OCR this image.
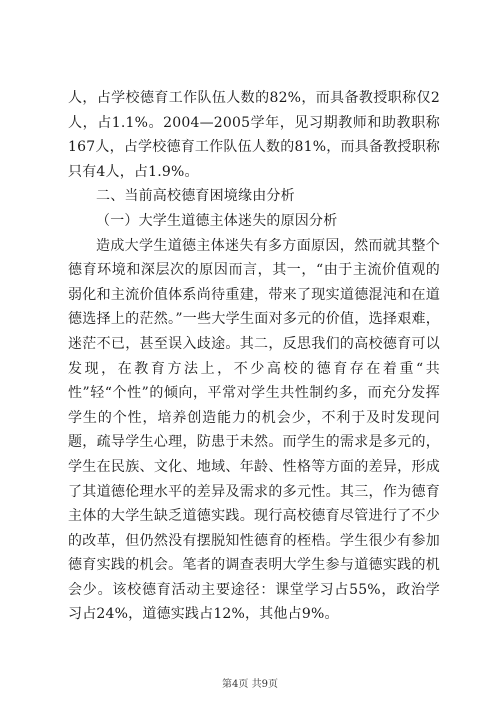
人，占学校德育工作队伍人数的82%，而具备教授职称仅2人，占1.1%。2004—2005学年，见习期教师和助教职称167人，占学校德育工作队伍人数的81%，而具备教授职称只有4人，占1.9%。

二、当前高校德育困境缘由分析

（一）大学生道德主体迷失的原因分析

造成大学生道德主体迷失有多方面原因，然而就其整个德育环境和深层次的原因而言，其一，“由于主流价值观的弱化和主流价值体系尚待重建，带来了现实道德混沌和在道德选择上的茫然。”一些大学生面对多元的价值，选择艰难，迷茫不已，甚至误入歧途。其二，反思我们的高校德育可以发现，在教育方法上，不少高校的德育存在着重“共性”轻“个性”的倾向，平常对学生共性制约多，而充分发挥学生的个性，培养创造能力的机会少，不利于及时发现问题，疏导学生心理，防患于未然。而学生的需求是多元的，学生在民族、文化、地域、年龄、性格等方面的差异，形成了其道德伦理水平的差异及需求的多元性。其三，作为德育主体的大学生缺乏道德实践。现行高校德育尽管进行了不少的改革，但仍然没有摆脱知性德育的桎梏。学生很少有参加德育实践的机会。笔者的调查表明大学生参与道德实践的机会少。该校德育活动主要途径：课堂学习占55%，政治学习占24%，道德实践占12%，其他占9%。

第4页 共9页
